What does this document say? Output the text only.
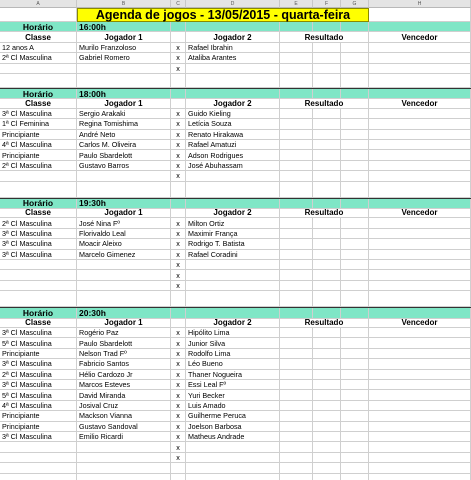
A	B	C	D	E	F	G	H
Agenda de jogos - 13/05/2015 - quarta-feira
Horário	16:00h
Classe	Jogador 1	Jogador 2	Resultado	Vencedor
12 anos A	Murilo Franzoloso	x	Rafael Ibrahin
2ª Cl Masculina	Gabriel Romero	x	Ataliba Arantes
x
Horário	18:00h
Classe	Jogador 1	Jogador 2	Resultado	Vencedor
3ª Cl Masculina	Sergio Arakaki	x	Guido Kieling
1ª Cl Feminina	Regina Tomishima	x	Letícia Souza
Principiante	André Neto	x	Renato Hirakawa
4ª Cl Masculina	Carlos M. Oliveira	x	Rafael Amatuzi
Principiante	Paulo Sbardelott	x	Adson Rodrigues
2ª Cl Masculina	Gustavo Barros	x	José Abuhassam
x
Horário	19:30h
Classe	Jogador 1	Jogador 2	Resultado	Vencedor
2ª Cl Masculina	José Nina Fº	x	Milton Ortiz
3ª Cl Masculina	Florivaldo Leal	x	Maximir França
3ª Cl Masculina	Moacir Aleixo	x	Rodrigo T. Batista
3ª Cl Masculina	Marcelo Gimenez	x	Rafael Coradini
x
x
x
Horário	20:30h
Classe	Jogador 1	Jogador 2	Resultado	Vencedor
3ª Cl Masculina	Rogério Paz	x	Hipólito Lima
5ª Cl Masculina	Paulo Sbardelott	x	Junior Silva
Principiante	Nelson Trad Fº	x	Rodolfo Lima
3ª Cl Masculina	Fabricio Santos	x	Léo Bueno
2ª Cl Masculina	Hélio Cardozo Jr	x	Thaner Nogueira
3ª Cl Masculina	Marcos Esteves	x	Essi Leal Fº
5ª Cl Masculina	David Miranda	x	Yuri Becker
4ª Cl Masculina	Josival Cruz	x	Luis Amado
Principiante	Mackson Vianna	x	Guilherme Peruca
Principiante	Gustavo Sandoval	x	Joelson Barbosa
3ª Cl Masculina	Emilio Ricardi	x	Matheus Andrade
x
x
